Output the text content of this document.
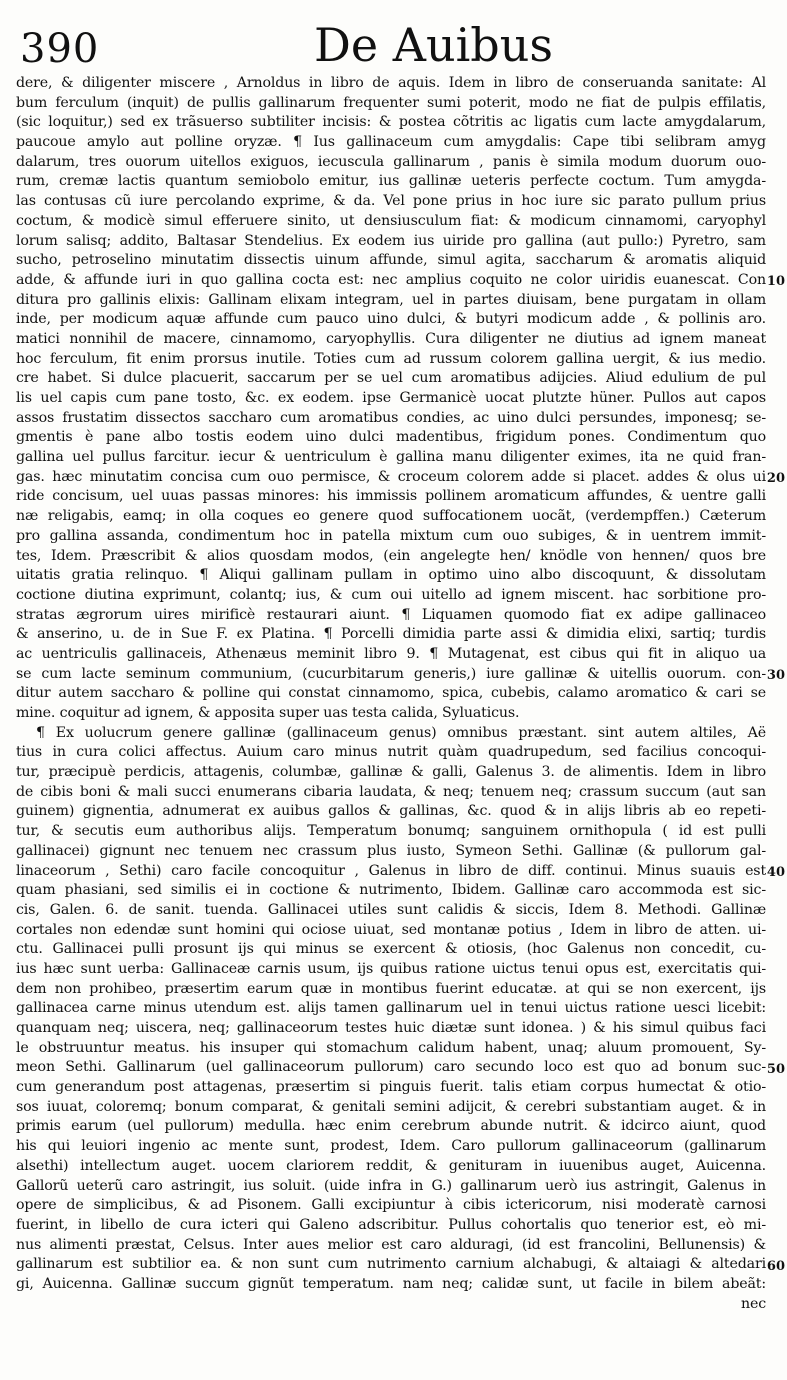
390	De Auibus
dere, & diligenter miscere , Arnoldus in libro de aquis. Idem in libro de conseruanda sanitate: Al
bum ferculum (inquit) de pullis gallinarum frequenter sumi poterit, modo ne fiat de pulpis effilatis,
(sic loquitur,) sed ex trãsuerso subtiliter incisis: & postea cõtritis ac ligatis cum lacte amygdalarum,
paucoue amylo aut polline oryzæ. ¶ Ius gallinaceum cum amygdalis: Cape tibi selibram amyg
dalarum, tres ouorum uitellos exiguos, iecuscula gallinarum , panis è simila modum duorum ouo-
rum, cremæ lactis quantum semiobolo emitur, ius gallinæ ueteris perfecte coctum. Tum amygda-
las contusas cũ iure percolando exprime, & da. Vel pone prius in hoc iure sic parato pullum prius
coctum, & modicè simul efferuere sinito, ut densiusculum fiat: & modicum cinnamomi, caryophyl
lorum salisq; addito, Baltasar Stendelius. Ex eodem ius uiride pro gallina (aut pullo:) Pyretro, sam
sucho, petroselino minutatim dissectis uinum affunde, simul agita, saccharum & aromatis aliquid
adde, & affunde iuri in quo gallina cocta est: nec amplius coquito ne color uiridis euanescat. Con
ditura pro gallinis elixis: Gallinam elixam integram, uel in partes diuisam, bene purgatam in ollam
inde, per modicum aquæ affunde cum pauco uino dulci, & butyri modicum adde , & pollinis aro.
matici nonnihil de macere, cinnamomo, caryophyllis. Cura diligenter ne diutius ad ignem maneat
hoc ferculum, fit enim prorsus inutile. Toties cum ad russum colorem gallina uergit, & ius medio.
cre habet. Si dulce placuerit, saccarum per se uel cum aromatibus adijcies. Aliud edulium de pul
lis uel capis cum pane tosto, &c. ex eodem. ipse Germanicè uocat plutzte hüner. Pullos aut capos
assos frustatim dissectos saccharo cum aromatibus condies, ac uino dulci persundes, imponesq; se-
gmentis è pane albo tostis eodem uino dulci madentibus, frigidum pones. Condimentum quo
gallina uel pullus farcitur. iecur & uentriculum è gallina manu diligenter eximes, ita ne quid fran-
gas. hæc minutatim concisa cum ouo permisce, & croceum colorem adde si placet. addes & olus ui
ride concisum, uel uuas passas minores: his immissis pollinem aromaticum affundes, & uentre galli
næ religabis, eamq; in olla coques eo genere quod suffocationem uocãt, (verdempffen.) Cæterum
pro gallina assanda, condimentum hoc in patella mixtum cum ouo subiges, & in uentrem immit-
tes, Idem. Præscribit & alios quosdam modos, (ein angelegte hen/ knödle von hennen/ quos bre
uitatis gratia relinquo. ¶ Aliqui gallinam pullam in optimo uino albo discoquunt, & dissolutam
coctione diutina exprimunt, colantq; ius, & cum oui uitello ad ignem miscent. hac sorbitione pro-
stratas ægrorum uires mirificè restaurari aiunt. ¶ Liquamen quomodo fiat ex adipe gallinaceo
& anserino, u. de in Sue F. ex Platina. ¶ Porcelli dimidia parte assi & dimidia elixi, sartiq; turdis
ac uentriculis gallinaceis, Athenæus meminit libro 9. ¶ Mutagenat, est cibus qui fit in aliquo ua
se cum lacte seminum communium, (cucurbitarum generis,) iure gallinæ & uitellis ouorum. con-
ditur autem saccharo & polline qui constat cinnamomo, spica, cubebis, calamo aromatico & cari se
mine. coquitur ad ignem, & apposita super uas testa calida, Syluaticus.
¶ Ex uolucrum genere gallinæ (gallinaceum genus) omnibus præstant. sint autem altiles, Aë
tius in cura colici affectus. Auium caro minus nutrit quàm quadrupedum, sed facilius concoqui-
tur, præcipuè perdicis, attagenis, columbæ, gallinæ & galli, Galenus 3. de alimentis. Idem in libro
de cibis boni & mali succi enumerans cibaria laudata, & neq; tenuem neq; crassum succum (aut san
guinem) gignentia, adnumerat ex auibus gallos & gallinas, &c. quod & in alijs libris ab eo repeti-
tur, & secutis eum authoribus alijs. Temperatum bonumq; sanguinem ornithopula ( id est pulli
gallinacei) gignunt nec tenuem nec crassum plus iusto, Symeon Sethi. Gallinæ (& pullorum gal-
linaceorum , Sethi) caro facile concoquitur , Galenus in libro de diff. continui. Minus suauis est
quam phasiani, sed similis ei in coctione & nutrimento, Ibidem. Gallinæ caro accommoda est sic-
cis, Galen. 6. de sanit. tuenda. Gallinacei utiles sunt calidis & siccis, Idem 8. Methodi. Gallinæ
cortales non edendæ sunt homini qui ociose uiuat, sed montanæ potius , Idem in libro de atten. ui-
ctu. Gallinacei pulli prosunt ijs qui minus se exercent & otiosis, (hoc Galenus non concedit, cu-
ius hæc sunt uerba: Gallinaceæ carnis usum, ijs quibus ratione uictus tenui opus est, exercitatis qui-
dem non prohibeo, præsertim earum quæ in montibus fuerint educatæ. at qui se non exercent, ijs
gallinacea carne minus utendum est. alijs tamen gallinarum uel in tenui uictus ratione uesci licebit:
quanquam neq; uiscera, neq; gallinaceorum testes huic diætæ sunt idonea. ) & his simul quibus faci
le obstruuntur meatus. his insuper qui stomachum calidum habent, unaq; aluum promouent, Sy-
meon Sethi. Gallinarum (uel gallinaceorum pullorum) caro secundo loco est quo ad bonum suc-
cum generandum post attagenas, præsertim si pinguis fuerit. talis etiam corpus humectat & otio-
sos iuuat, coloremq; bonum comparat, & genitali semini adijcit, & cerebri substantiam auget. & in
primis earum (uel pullorum) medulla. hæc enim cerebrum abunde nutrit. & idcirco aiunt, quod
his qui leuiori ingenio ac mente sunt, prodest, Idem. Caro pullorum gallinaceorum (gallinarum
alsethi) intellectum auget. uocem clariorem reddit, & genituram in iuuenibus auget, Auicenna.
Gallorũ ueterũ caro astringit, ius soluit. (uide infra in G.) gallinarum uerò ius astringit, Galenus in
opere de simplicibus, & ad Pisonem. Galli excipiuntur à cibis ictericorum, nisi moderatè carnosi
fuerint, in libello de cura icteri qui Galeno adscribitur. Pullus cohortalis quo tenerior est, eò mi-
nus alimenti præstat, Celsus. Inter aues melior est caro alduragi, (id est francolini, Bellunensis) &
gallinarum est subtilior ea. & non sunt cum nutrimento carnium alchabugi, & altaiagi & altedari
gi, Auicenna. Gallinæ succum gignũt temperatum. nam neq; calidæ sunt, ut facile in bilem abeãt:
nec
10
20
30
40
50
60
